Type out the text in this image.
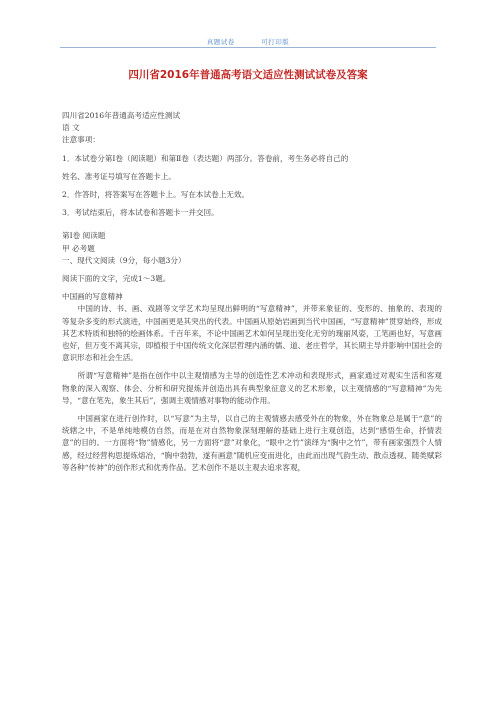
真题试卷	可打印版
四川省2016年普通高考语文适应性测试试卷及答案

四川省2016年普通高考适应性测试

语 文

注意事项：

1．本试卷分第Ⅰ卷（阅读题）和第Ⅱ卷（表达题）两部分。答卷前，考生务必将自己的

姓名、准考证号填写在答题卡上。

2．作答时，将答案写在答题卡上。写在本试卷上无效。

3．考试结束后，将本试卷和答题卡一并交回。

第Ⅰ卷 阅读题

甲 必考题

一、现代文阅读（9分，每小题3分）

阅读下面的文字，完成1～3题。

中国画的写意精神

中国的诗、书、画、戏剧等文学艺术均呈现出鲜明的“写意精神”，并带来象征的、变形的、抽象的、表现的等复杂多变的形式演进，中国画更是其突出的代表。中国画从原始岩画到当代中国画，“写意精神”贯穿始终，形成其艺术特质和独特的绘画体系。千百年来，不论中国画艺术如何呈现出变化无穷的瑰丽风姿，工笔画也好，写意画也好，但万变不离其宗，即植根于中国传统文化深层哲理内涵的儒、道、老庄哲学，其长期主导并影响中国社会的意识形态和社会生活。

所谓“写意精神”是指在创作中以主观情感为主导的创造性艺术冲动和表现形式，画家通过对观实生活和客观物象的深入观察、体会、分析和研究提炼并创造出具有典型象征意义的艺术形象，以主观情感的“写意精神”为先导，“意在笔先，象生其后”，强调主观情感对事物的能动作用。

中国画家在进行创作时，以“写意”为主导，以自己的主观情感去感受外在的物象，外在物象总是属于“意”的统辖之中，不是单纯地模仿自然，而是在对自然物象深刻理解的基础上进行主观创造，达到“感悟生命，抒情表意”的目的。一方面将“物”情感化，另一方面将“意”对象化，“眼中之竹”演绎为“胸中之竹”，带有画家强烈个人情感，经过经营构思提炼熔冶，“胸中勃勃，遂有画意”随机应变而进化，由此而出现气韵生动、散点透视、随类赋彩等各种“传神”的创作形式和优秀作品。艺术创作不是以主观去追求客观，
